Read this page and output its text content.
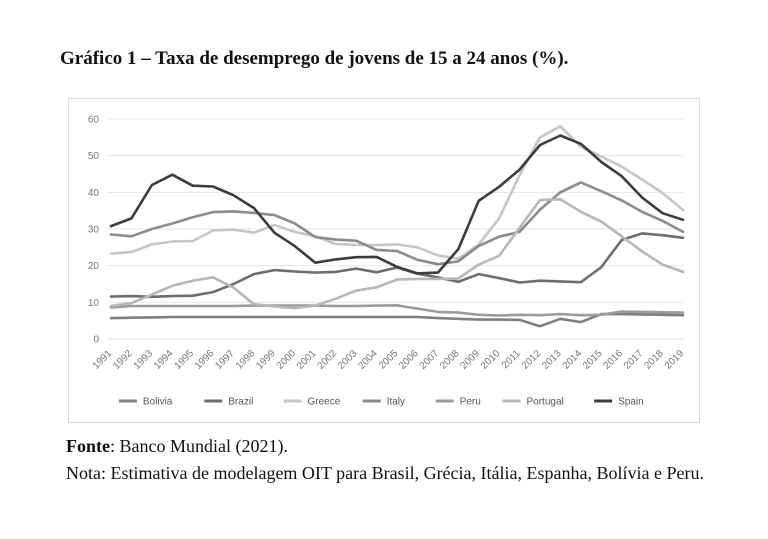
Gráfico 1 – Taxa de desemprego de jovens de 15 a 24 anos (%).
0
10
20
30
40
50
60
1991
1992
1993
1994
1995
1996
1997
1998
1999
2000
2001
2002
2003
2004
2005
2006
2007
2008
2009
2010
2011
2012
2013
2014
2015
2016
2017
2018
2019
Bolivia	Brazil	Greece	Italy	Peru	Portugal	Spain
Fonte: Banco Mundial (2021).
Nota: Estimativa de modelagem OIT para Brasil, Grécia, Itália, Espanha, Bolívia e Peru.
